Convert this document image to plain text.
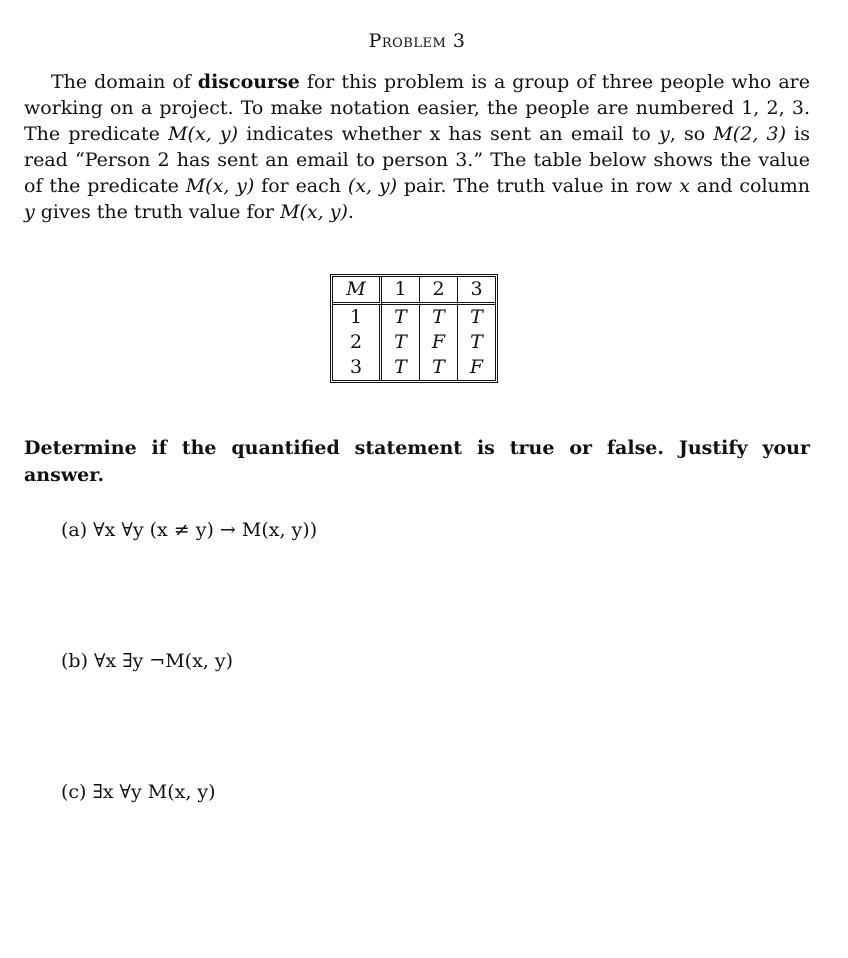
Problem 3

The domain of discourse for this problem is a group of three people who are working on a project. To make notation easier, the people are numbered 1, 2, 3. The predicate M(x, y) indicates whether x has sent an email to y, so M(2, 3) is read “Person 2 has sent an email to person 3.” The table below shows the value of the predicate M(x, y) for each (x, y) pair. The truth value in row x and column y gives the truth value for M(x, y).

M	1	2	3
1	T	T	T
2	T	F	T
3	T	T	F

Determine if the quantified statement is true or false. Justify your answer.

(a) ∀x ∀y (x ≠ y) → M(x, y))
(b) ∀x ∃y ¬M(x, y)
(c) ∃x ∀y M(x, y)
